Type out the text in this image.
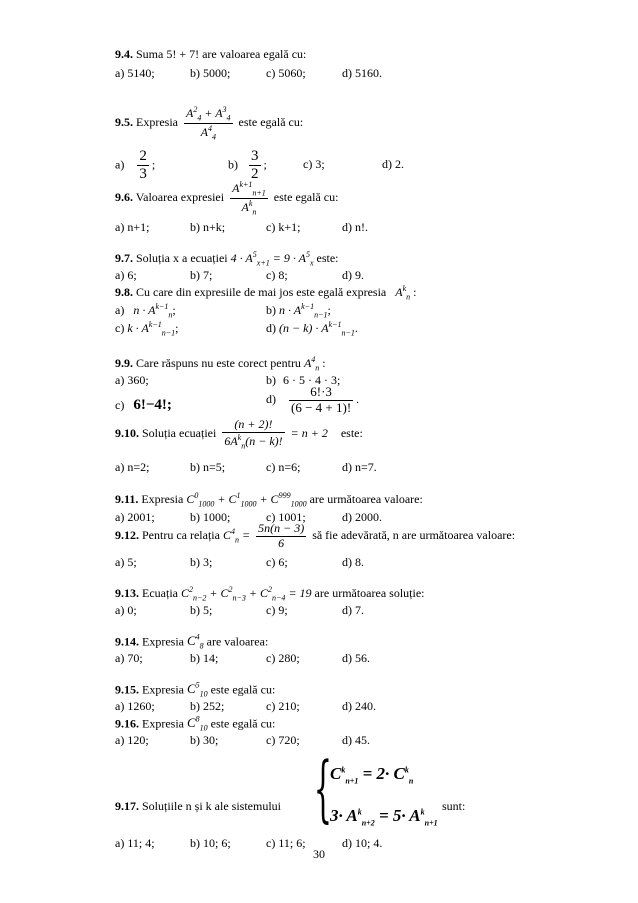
9.4. Suma 5! + 7! are valoarea egală cu:
a) 5140;	b) 5000;	c) 5060;	d) 5160.
9.5. Expresia $\frac{A^2_4 + A^3_4}{A^4_4}$ este egală cu:
$a) \frac{2}{3}$ ;	$b) \frac{3}{2}$ ;	c) 3;	d) 2.
9.6. Valoarea expresiei $\frac{A^{k+1}_{n+1}}{A^k_n}$ este egală cu:
a) n+1;	b) n+k;	c) k+1;	d) n!.
9.7. Soluția x a ecuației $4 \cdot A^5_{x+1} = 9 \cdot A^5_x$ este:
a) 6;	b) 7;	c) 8;	d) 9.
9.8. Cu care din expresiile de mai jos este egală expresia $A^k_n$ :
a) $n \cdot A^{k-1}_n$;	b) $n \cdot A^{k-1}_{n-1}$;
c) $k \cdot A^{k-1}_{n-1}$;	d) $(n - k) \cdot A^{k-1}_{n-1}$.
9.9. Care răspuns nu este corect pentru $A^4_n$ :
a) 360;	b) 6 · 5 · 4 · 3;
c) 6!−4!;	$d) \frac{6!\cdot 3}{(6 - 4 + 1)!}$ .
9.10. Soluția ecuației $\frac{(n + 2)!}{6A^k_n(n - k)!} = n + 2$ este:
a) n=2;	b) n=5;	c) n=6;	d) n=7.
9.11. Expresia $C^0_{1000} + C^1_{1000} + C^{999}_{1000}$ are următoarea valoare:
a) 2001;	b) 1000;	c) 1001;	d) 2000.
9.12. Pentru ca relația $C^4_n = \frac{5n(n - 3)}{6}$ să fie adevărată, n are următoarea valoare:
a) 5;	b) 3;	c) 6;	d) 8.
9.13. Ecuația $C^2_{n-2} + C^2_{n-3} + C^2_{n-4} = 19$ are următoarea soluție:
a) 0;	b) 5;	c) 9;	d) 7.
9.14. Expresia $C^4_8$ are valoarea:
a) 70;	b) 14;	c) 280;	d) 56.
9.15. Expresia $C^5_{10}$ este egală cu:
a) 1260;	b) 252;	c) 210;	d) 240.
9.16. Expresia $C^8_{10}$ este egală cu:
a) 120;	b) 30;	c) 720;	d) 45.
9.17. Soluțiile n și k ale sistemului {
$C^k_{n+1} = 2\cdot C^k_n$
$3\cdot A^k_{n+2} = 5\cdot A^k_{n+1}$
sunt:
a) 11; 4;	b) 10; 6;	c) 11; 6;	d) 10; 4.
30
